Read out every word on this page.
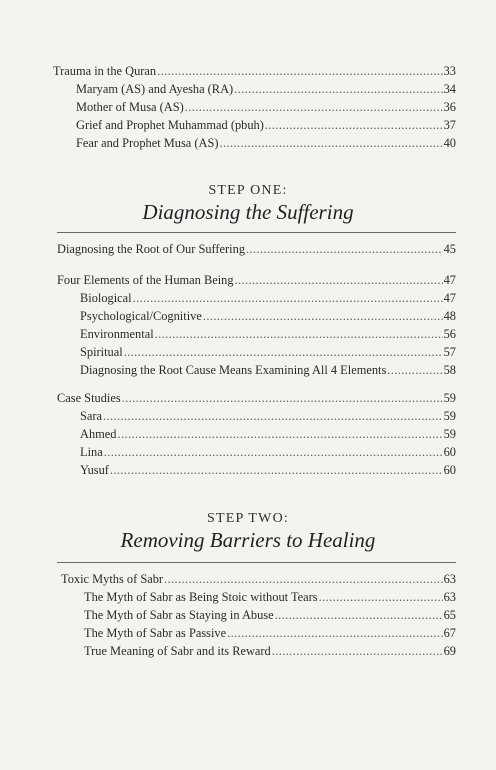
Trauma in the Quran .....	33
Maryam (AS) and Ayesha (RA) .....	34
Mother of Musa (AS) .....	36
Grief and Prophet Muhammad (pbuh) .....	37
Fear and Prophet Musa (AS) .....	40
STEP ONE:
Diagnosing the Suffering
Diagnosing the Root of Our Suffering .....	45
Four Elements of the Human Being .....	47
Biological .....	47
Psychological/Cognitive .....	48
Environmental .....	56
Spiritual .....	57
Diagnosing the Root Cause Means Examining All 4 Elements .....	58
Case Studies .....	59
Sara .....	59
Ahmed .....	59
Lina .....	60
Yusuf .....	60
STEP TWO:
Removing Barriers to Healing
Toxic Myths of Sabr .....	63
The Myth of Sabr as Being Stoic without Tears .....	63
The Myth of Sabr as Staying in Abuse .....	65
The Myth of Sabr as Passive .....	67
True Meaning of Sabr and its Reward .....	69
